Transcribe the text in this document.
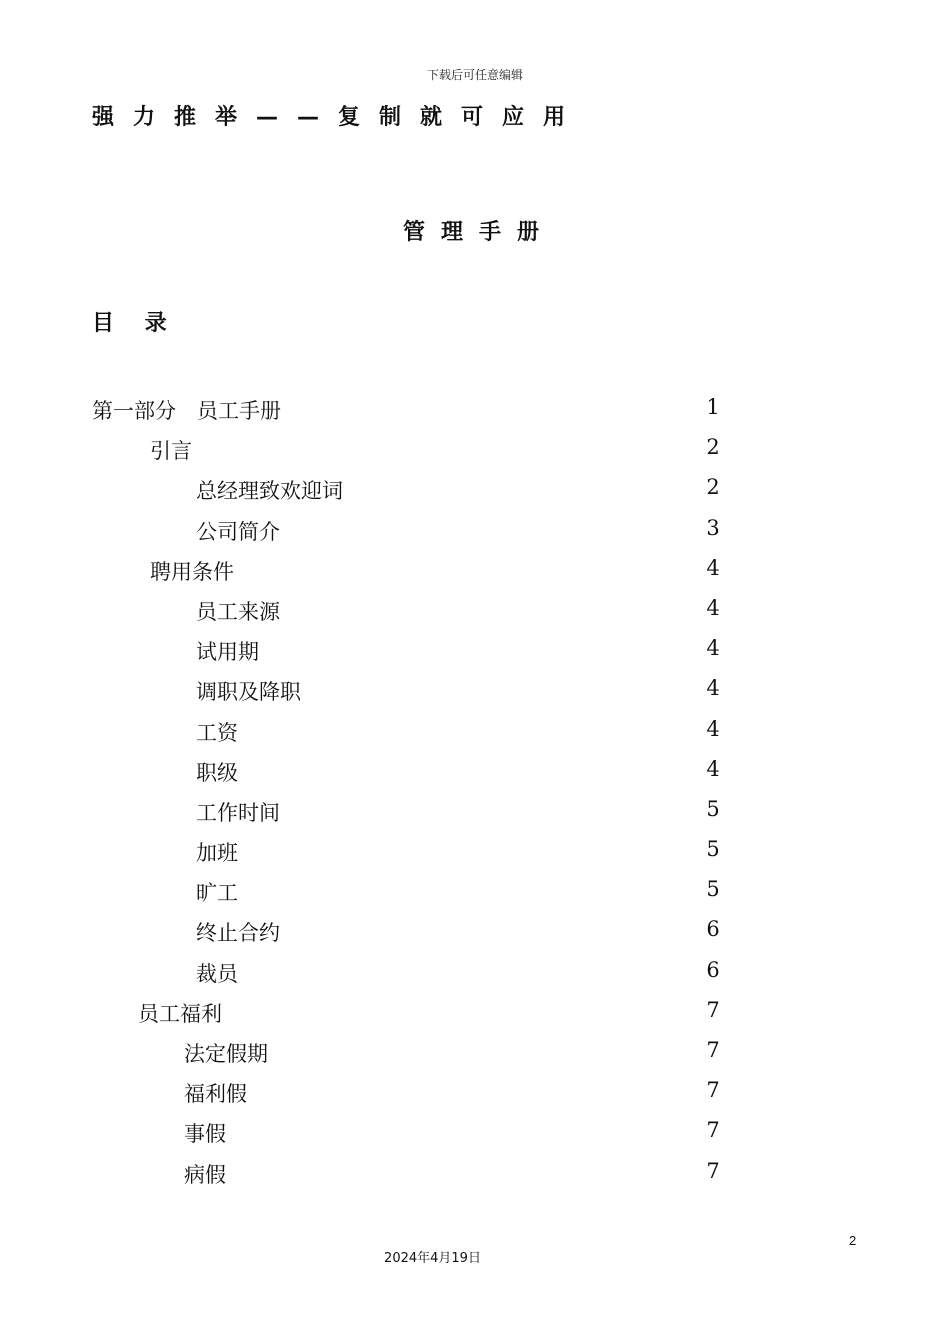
下载后可任意编辑
强力推举——复制就可应用
管理手册
目    录
第一部分　员工手册	1
引言	2
总经理致欢迎词	2
公司简介	3
聘用条件	4
员工来源	4
试用期	4
调职及降职	4
工资	4
职级	4
工作时间	5
加班	5
旷工	5
终止合约	6
裁员	6
员工福利	7
法定假期	7
福利假	7
事假	7
病假	7
2
2024年4月19日
